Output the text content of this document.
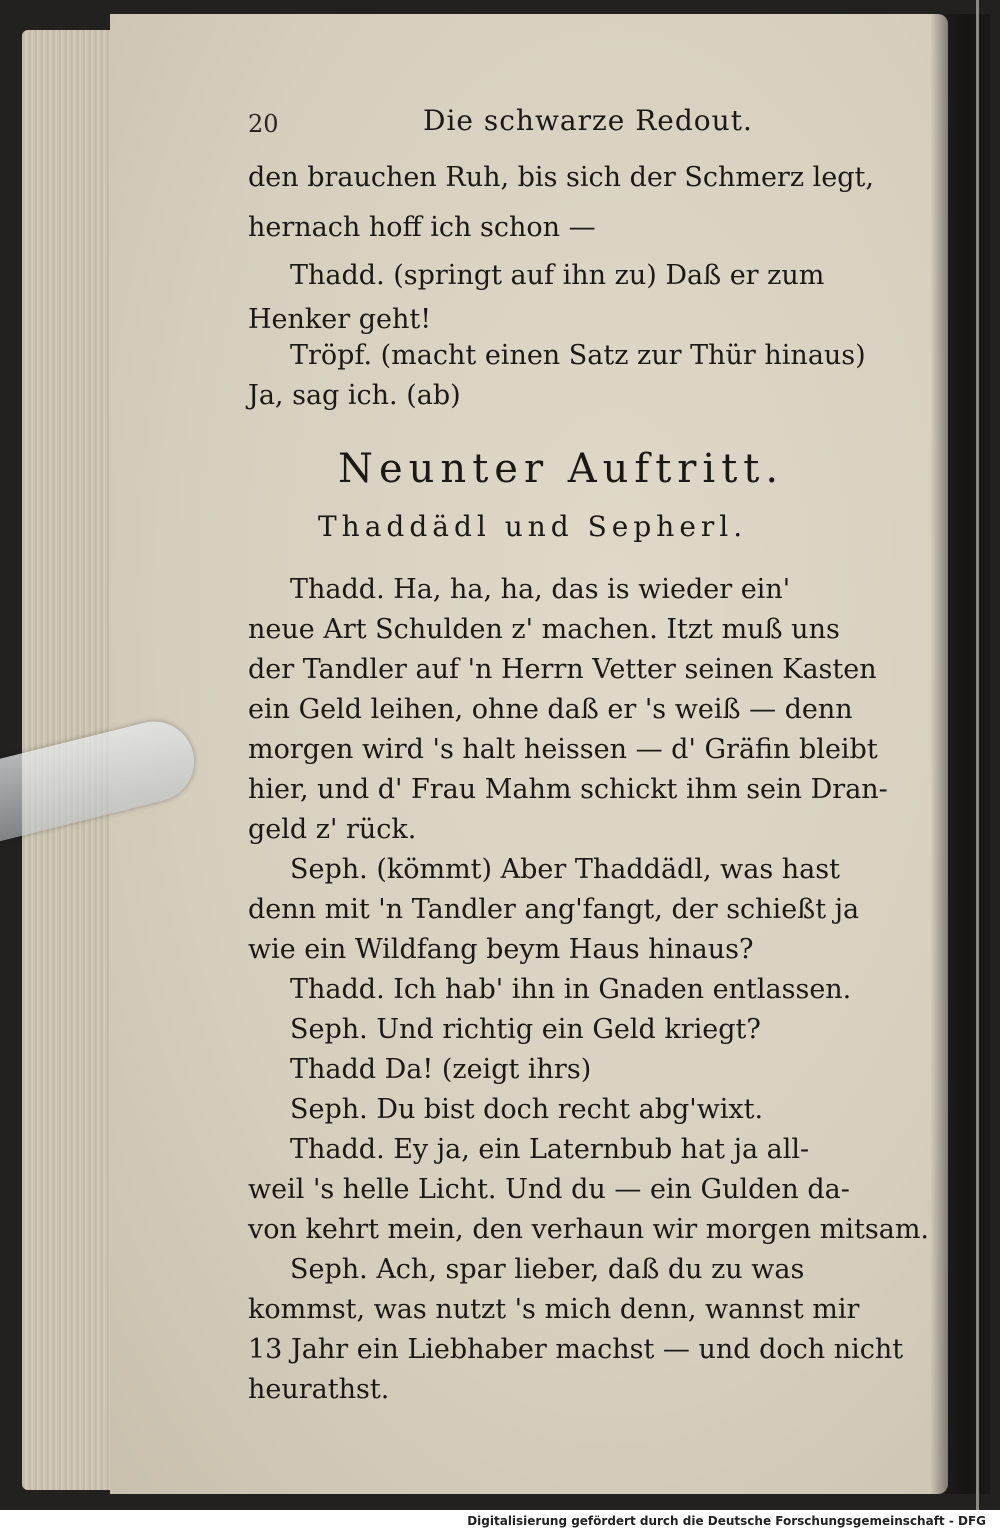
20	Die schwarze Redout.
den brauchen Ruh, bis sich der Schmerz legt,
hernach hoff ich schon —
Thadd. (springt auf ihn zu) Daß er zum
Henker geht!
Tröpf. (macht einen Satz zur Thür hinaus)
Ja, sag ich. (ab)
Neunter Auftritt.
Thaddädl und Sepherl.
Thadd. Ha, ha, ha, das is wieder ein'
neue Art Schulden z' machen. Itzt muß uns
der Tandler auf 'n Herrn Vetter seinen Kasten
ein Geld leihen, ohne daß er 's weiß — denn
morgen wird 's halt heissen — d' Gräfin bleibt
hier, und d' Frau Mahm schickt ihm sein Dran-
geld z' rück.
Seph. (kömmt) Aber Thaddädl, was hast
denn mit 'n Tandler ang'fangt, der schießt ja
wie ein Wildfang beym Haus hinaus?
Thadd. Ich hab' ihn in Gnaden entlassen.
Seph. Und richtig ein Geld kriegt?
Thadd Da! (zeigt ihrs)
Seph. Du bist doch recht abg'wixt.
Thadd. Ey ja, ein Laternbub hat ja all-
weil 's helle Licht. Und du — ein Gulden da-
von kehrt mein, den verhaun wir morgen mitsam.
Seph. Ach, spar lieber, daß du zu was
kommst, was nutzt 's mich denn, wannst mir
13 Jahr ein Liebhaber machst — und doch nicht
heurathst.
Digitalisierung gefördert durch die Deutsche Forschungsgemeinschaft - DFG
